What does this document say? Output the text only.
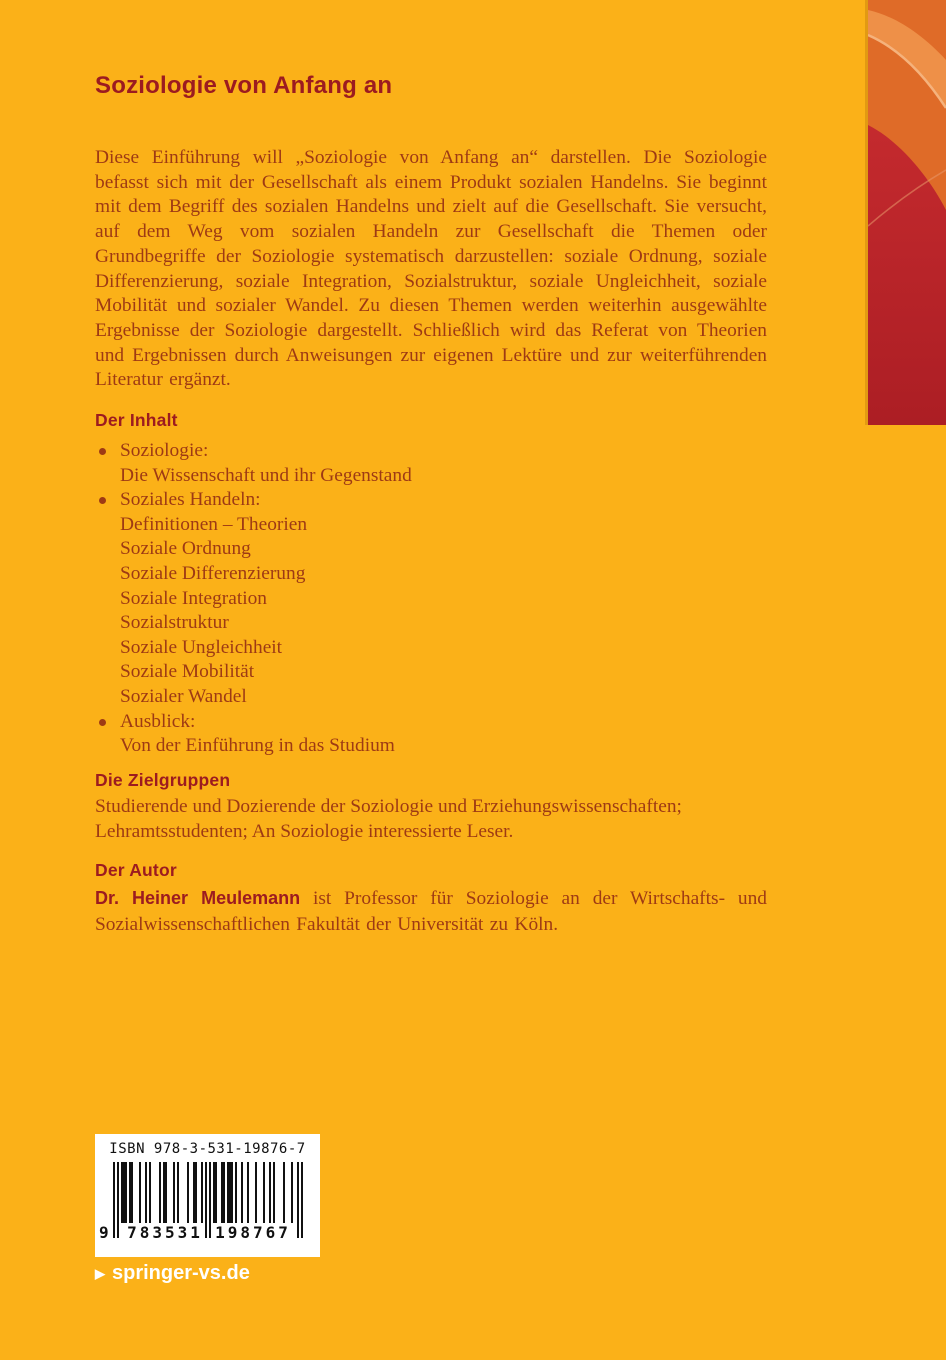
Soziologie von Anfang an
Diese Einführung will „Soziologie von Anfang an“ darstellen. Die Soziologie befasst sich mit der Gesellschaft als einem Produkt sozialen Handelns. Sie beginnt mit dem Begriff des sozialen Handelns und zielt auf die Gesellschaft. Sie versucht, auf dem Weg vom sozialen Handeln zur Gesellschaft die Themen oder Grundbegriffe der Soziologie systematisch darzustellen: soziale Ordnung, soziale Differenzierung, soziale Integration, Sozialstruktur, soziale Ungleichheit, soziale Mobilität und sozialer Wandel. Zu diesen Themen werden weiterhin ausgewählte Ergebnisse der Soziologie dargestellt. Schließlich wird das Referat von Theorien und Ergebnissen durch Anweisungen zur eigenen Lektüre und zur weiterführenden Literatur ergänzt.
Der Inhalt
Soziologie:
Die Wissenschaft und ihr Gegenstand
Soziales Handeln:
Definitionen – Theorien
Soziale Ordnung
Soziale Differenzierung
Soziale Integration
Sozialstruktur
Soziale Ungleichheit
Soziale Mobilität
Sozialer Wandel
Ausblick:
Von der Einführung in das Studium
Die Zielgruppen
Studierende und Dozierende der Soziologie und Erziehungswissenschaften; Lehramtsstudenten; An Soziologie interessierte Leser.
Der Autor
Dr. Heiner Meulemann ist Professor für Soziologie an der Wirtschafts- und Sozialwissenschaftlichen Fakultät der Universität zu Köln.
ISBN 978-3-531-19876-7
9 783531 198767
▶ springer-vs.de
